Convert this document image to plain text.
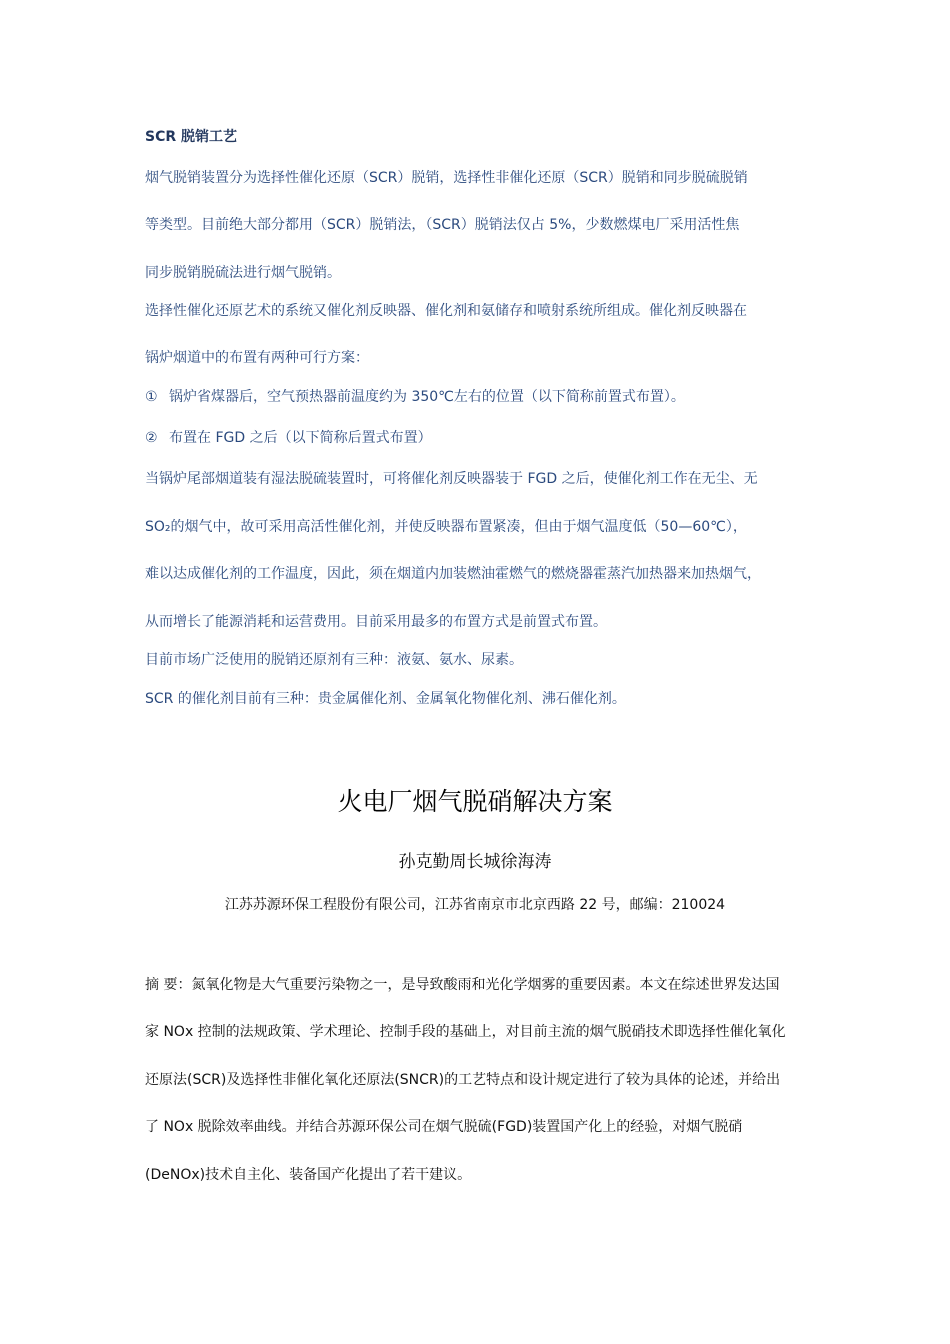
SCR 脱销工艺
烟气脱销装置分为选择性催化还原（SCR）脱销，选择性非催化还原（SCR）脱销和同步脱硫脱销
等类型。目前绝大部分都用（SCR）脱销法，（SCR）脱销法仅占 5%，少数燃煤电厂采用活性焦
同步脱销脱硫法进行烟气脱销。
选择性催化还原艺术的系统又催化剂反映器、催化剂和氨储存和喷射系统所组成。催化剂反映器在
锅炉烟道中的布置有两种可行方案：
① 锅炉省煤器后，空气预热器前温度约为 350℃左右的位置（以下简称前置式布置）。
② 布置在 FGD 之后（以下简称后置式布置）
当锅炉尾部烟道装有湿法脱硫装置时，可将催化剂反映器装于 FGD 之后，使催化剂工作在无尘、无
SO₂的烟气中，故可采用高活性催化剂，并使反映器布置紧凑，但由于烟气温度低（50—60℃），
难以达成催化剂的工作温度，因此，须在烟道内加装燃油霍燃气的燃烧器霍蒸汽加热器来加热烟气，
从而增长了能源消耗和运营费用。目前采用最多的布置方式是前置式布置。
目前市场广泛使用的脱销还原剂有三种：液氨、氨水、尿素。
SCR 的催化剂目前有三种：贵金属催化剂、金属氧化物催化剂、沸石催化剂。
火电厂烟气脱硝解决方案
孙克勤周长城徐海涛
江苏苏源环保工程股份有限公司，江苏省南京市北京西路 22 号，邮编：210024
摘 要：氮氧化物是大气重要污染物之一，是导致酸雨和光化学烟雾的重要因素。本文在综述世界发达国
家 NOx 控制的法规政策、学术理论、控制手段的基础上，对目前主流的烟气脱硝技术即选择性催化氧化
还原法(SCR)及选择性非催化氧化还原法(SNCR)的工艺特点和设计规定进行了较为具体的论述，并给出
了 NOx 脱除效率曲线。并结合苏源环保公司在烟气脱硫(FGD)装置国产化上的经验，对烟气脱硝
(DeNOx)技术自主化、装备国产化提出了若干建议。
